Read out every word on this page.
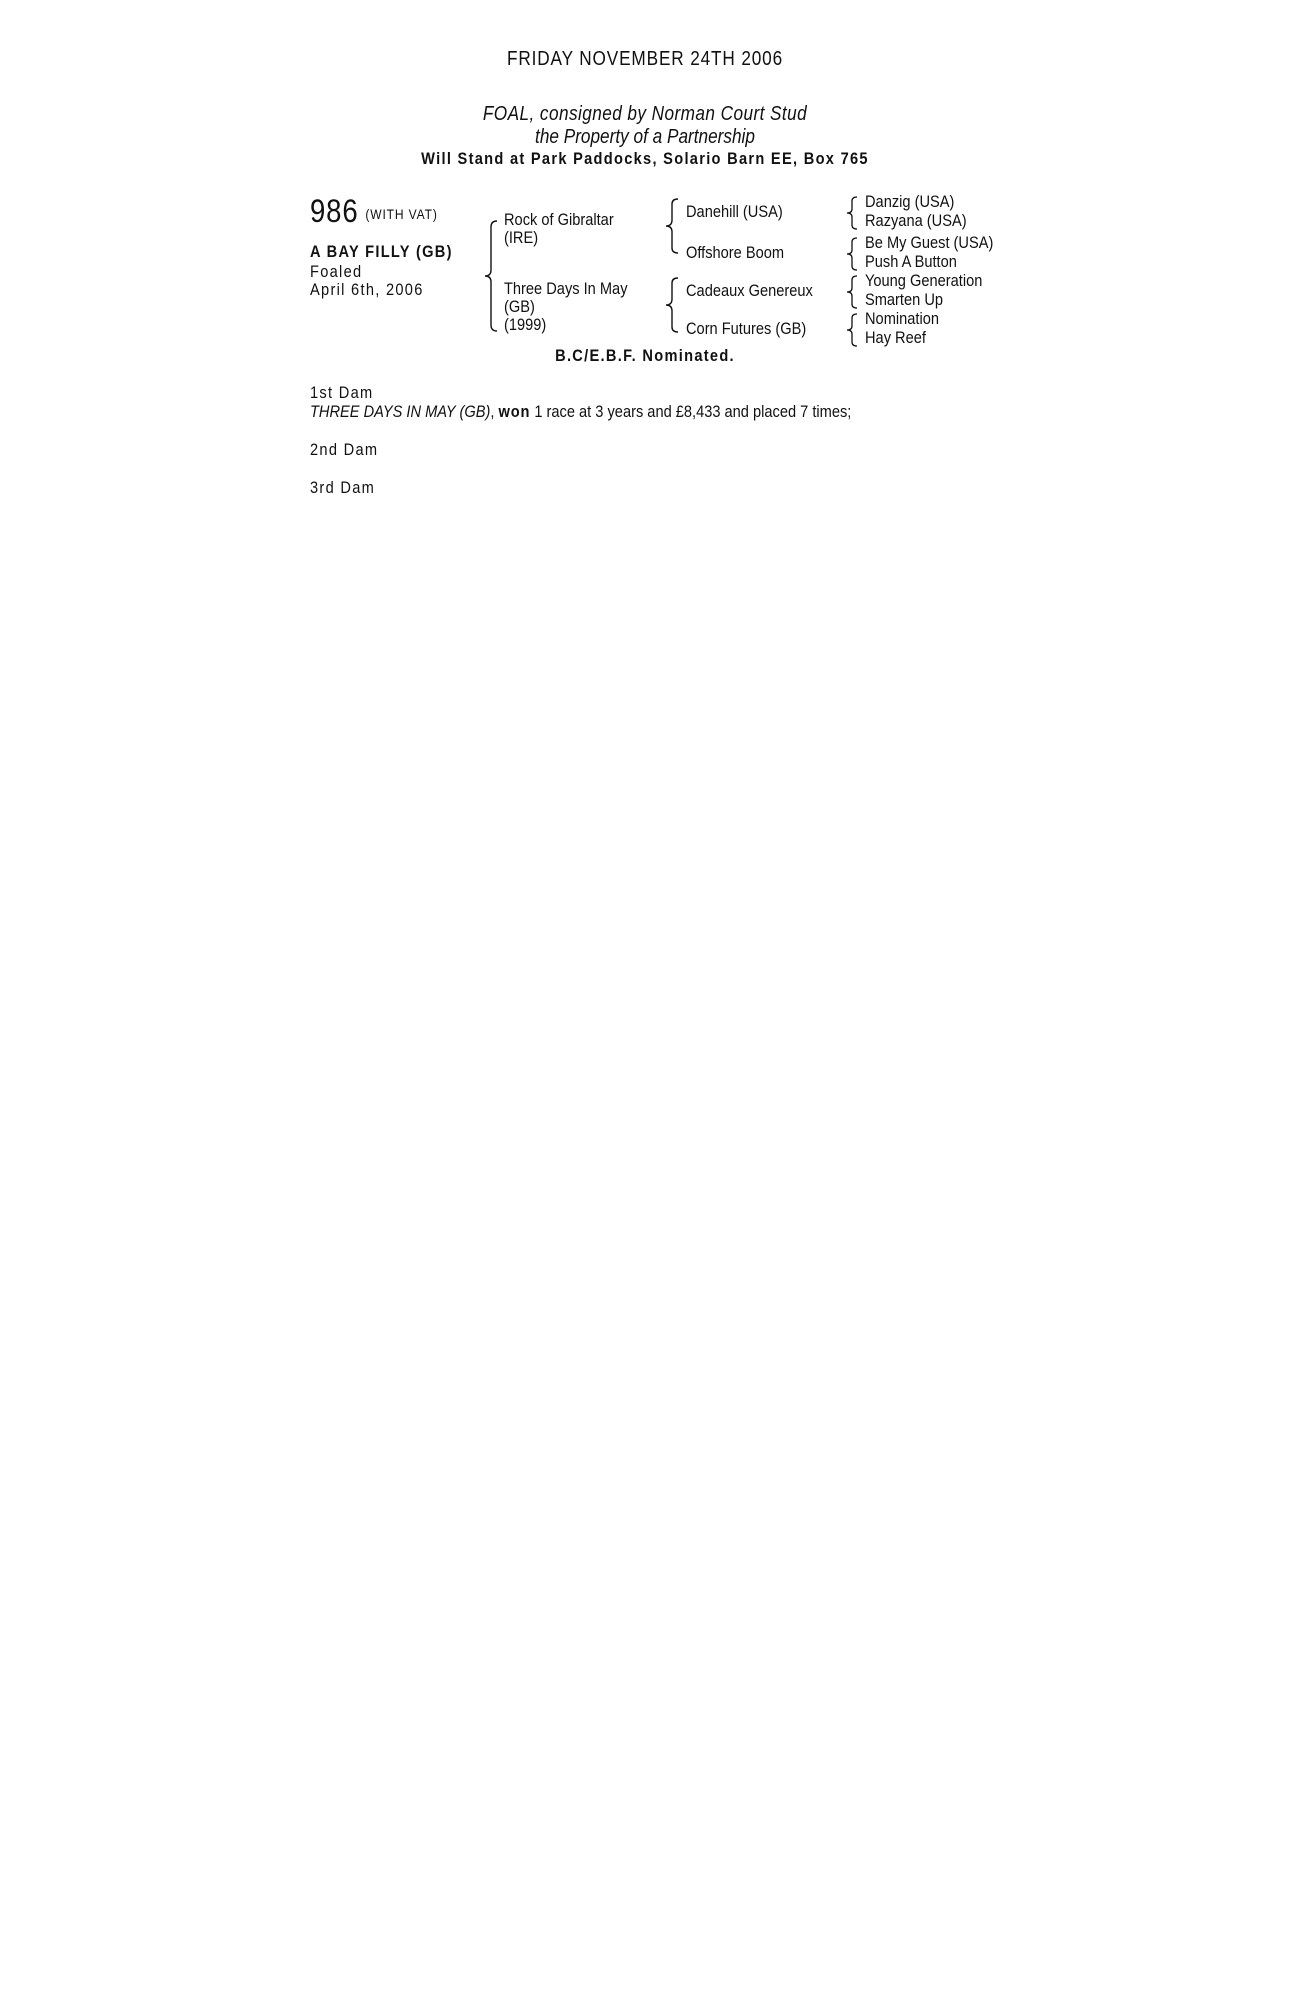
FRIDAY NOVEMBER 24TH 2006
FOAL, consigned by Norman Court Stud
the Property of a Partnership
Will Stand at Park Paddocks, Solario Barn EE, Box 765
986 (WITH VAT)
A BAY FILLY (GB)
Foaled
April 6th, 2006
Rock of Gibraltar
(IRE)
Three Days In May
(GB)
(1999)
Danehill (USA)
Offshore Boom
Cadeaux Genereux
Corn Futures (GB)
Danzig (USA)
Razyana (USA)
Be My Guest (USA)
Push A Button
Young Generation
Smarten Up
Nomination
Hay Reef
B.C/E.B.F. Nominated.
1st Dam
THREE DAYS IN MAY (GB), won 1 race at 3 years and £8,433 and placed 7 times;
2nd Dam
3rd Dam
